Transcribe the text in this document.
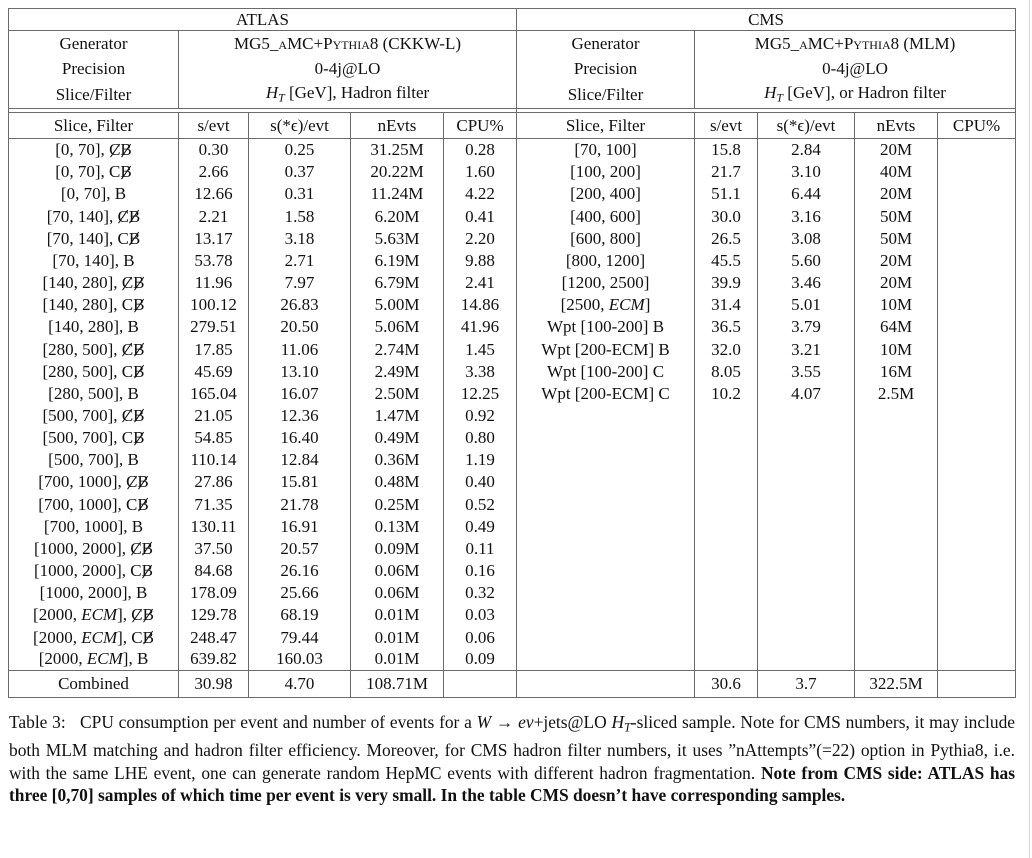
ATLAS					CMS				
Generator	MG5_aMC+Pythia8 (CKKW-L)				Generator	MG5_aMC+Pythia8 (MLM)			
Precision	0-4j@LO				Precision	0-4j@LO			
Slice/Filter	HT [GeV], Hadron filter				Slice/Filter	HT [GeV], or Hadron filter			

Slice, Filter	s/evt	s(*ϵ)/evt	nEvts	CPU%	Slice, Filter	s/evt	s(*ϵ)/evt	nEvts	CPU%
[0, 70], CB	0.30	0.25	31.25M	0.28	[70, 100]	15.8	2.84	20M	
[0, 70], CB	2.66	0.37	20.22M	1.60	[100, 200]	21.7	3.10	40M	
[0, 70], B	12.66	0.31	11.24M	4.22	[200, 400]	51.1	6.44	20M	
[70, 140], CB	2.21	1.58	6.20M	0.41	[400, 600]	30.0	3.16	50M	
[70, 140], CB	13.17	3.18	5.63M	2.20	[600, 800]	26.5	3.08	50M	
[70, 140], B	53.78	2.71	6.19M	9.88	[800, 1200]	45.5	5.60	20M	
[140, 280], CB	11.96	7.97	6.79M	2.41	[1200, 2500]	39.9	3.46	20M	
[140, 280], CB	100.12	26.83	5.00M	14.86	[2500, ECM]	31.4	5.01	10M	
[140, 280], B	279.51	20.50	5.06M	41.96	Wpt [100-200] B	36.5	3.79	64M	
[280, 500], CB	17.85	11.06	2.74M	1.45	Wpt [200-ECM] B	32.0	3.21	10M	
[280, 500], CB	45.69	13.10	2.49M	3.38	Wpt [100-200] C	8.05	3.55	16M	
[280, 500], B	165.04	16.07	2.50M	12.25	Wpt [200-ECM] C	10.2	4.07	2.5M	
[500, 700], CB	21.05	12.36	1.47M	0.92					
[500, 700], CB	54.85	16.40	0.49M	0.80					
[500, 700], B	110.14	12.84	0.36M	1.19					
[700, 1000], CB	27.86	15.81	0.48M	0.40					
[700, 1000], CB	71.35	21.78	0.25M	0.52					
[700, 1000], B	130.11	16.91	0.13M	0.49					
[1000, 2000], CB	37.50	20.57	0.09M	0.11					
[1000, 2000], CB	84.68	26.16	0.06M	0.16					
[1000, 2000], B	178.09	25.66	0.06M	0.32					
[2000, ECM], CB	129.78	68.19	0.01M	0.03					
[2000, ECM], CB	248.47	79.44	0.01M	0.06					
[2000, ECM], B	639.82	160.03	0.01M	0.09					
Combined	30.98	4.70	108.71M			30.6	3.7	322.5M	
Table 3:   CPU consumption per event and number of events for a W → eν+jets@LO HT-sliced sample. Note for CMS numbers, it may include both MLM matching and hadron filter efficiency. Moreover, for CMS hadron filter numbers, it uses ”nAttempts”(=22) option in Pythia8, i.e. with the same LHE event, one can generate random HepMC events with different hadron fragmentation. Note from CMS side: ATLAS has three [0,70] samples of which time per event is very small. In the table CMS doesn’t have corresponding samples.
